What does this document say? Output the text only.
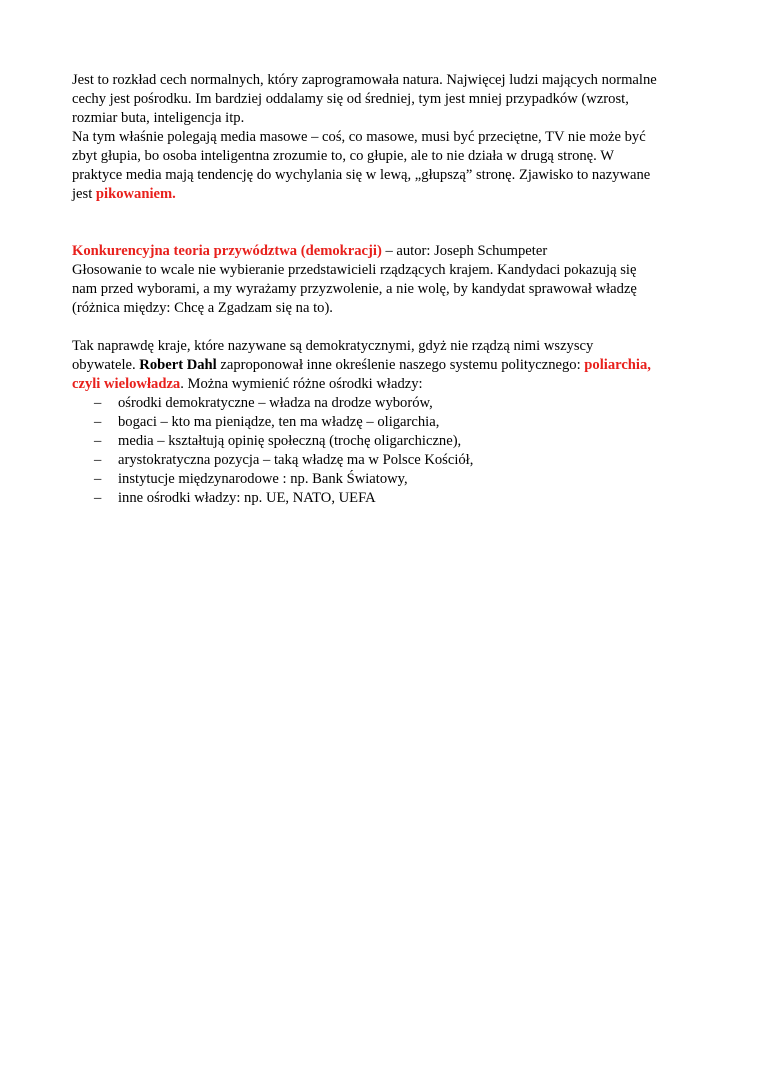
Jest to rozkład cech normalnych, który zaprogramowała natura. Najwięcej ludzi mających normalne
cechy jest pośrodku. Im bardziej oddalamy się od średniej, tym jest mniej przypadków (wzrost,
rozmiar buta, inteligencja itp.

Na tym właśnie polegają media masowe – coś, co masowe, musi być przeciętne, TV nie może być
zbyt głupia, bo osoba inteligentna zrozumie to, co głupie, ale to nie działa w drugą stronę. W
praktyce media mają tendencję do wychylania się w lewą, „głupszą” stronę. Zjawisko to nazywane
jest pikowaniem.

Konkurencyjna teoria przywództwa (demokracji) – autor: Joseph Schumpeter
Głosowanie to wcale nie wybieranie przedstawicieli rządzących krajem. Kandydaci pokazują się
nam przed wyborami, a my wyrażamy przyzwolenie, a nie wolę, by kandydat sprawował władzę
(różnica między: Chcę a Zgadzam się na to).

Tak naprawdę kraje, które nazywane są demokratycznymi, gdyż nie rządzą nimi wszyscy
obywatele. Robert Dahl zaproponował inne określenie naszego systemu politycznego: poliarchia,
czyli wielowładza. Można wymienić różne ośrodki władzy:

– ośrodki demokratyczne – władza na drodze wyborów,
– bogaci – kto ma pieniądze, ten ma władzę – oligarchia,
– media – kształtują opinię społeczną (trochę oligarchiczne),
– arystokratyczna pozycja – taką władzę ma w Polsce Kościół,
– instytucje międzynarodowe : np. Bank Światowy,
– inne ośrodki władzy: np. UE, NATO, UEFA
